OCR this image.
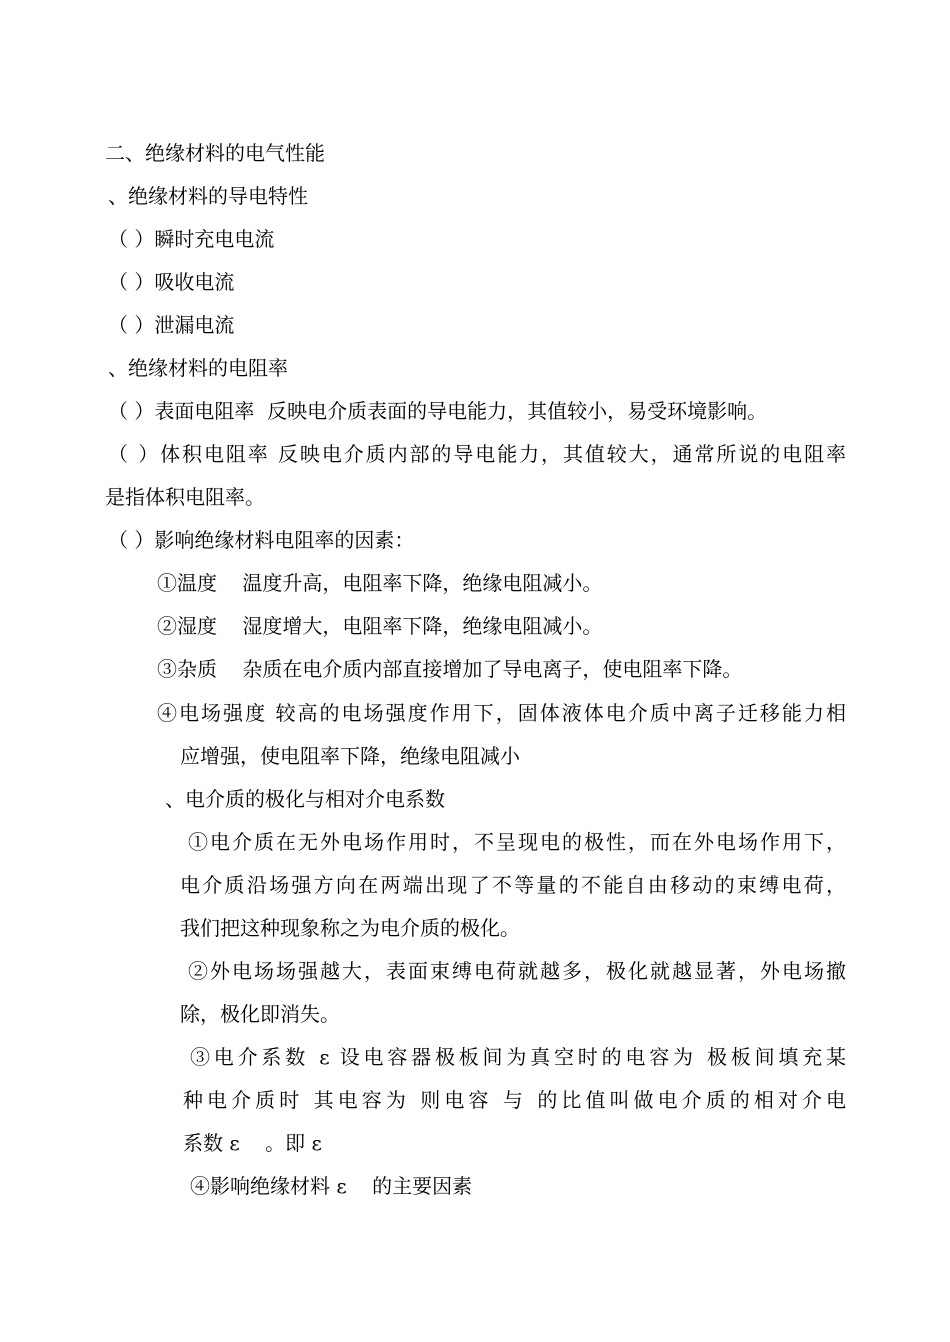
二、绝缘材料的电气性能
、绝缘材料的导电特性
（ ）瞬时充电电流
（ ）吸收电流
（ ）泄漏电流
、绝缘材料的电阻率
（ ）表面电阻率  反映电介质表面的导电能力，其值较小，易受环境影响。
（ ）体积电阻率 反映电介质内部的导电能力，其值较大，通常所说的电阻率
是指体积电阻率。
（ ）影响绝缘材料电阻率的因素：
①温度    温度升高，电阻率下降，绝缘电阻减小。
②湿度    湿度增大，电阻率下降，绝缘电阻减小。
③杂质    杂质在电介质内部直接增加了导电离子，使电阻率下降。
④电场强度 较高的电场强度作用下，固体液体电介质中离子迁移能力相
应增强，使电阻率下降，绝缘电阻减小
、电介质的极化与相对介电系数
①电介质在无外电场作用时，不呈现电的极性，而在外电场作用下，
电介质沿场强方向在两端出现了不等量的不能自由移动的束缚电荷，
我们把这种现象称之为电介质的极化。
②外电场场强越大，表面束缚电荷就越多，极化就越显著，外电场撤
除，极化即消失。
③电介系数 ε 设电容器极板间为真空时的电容为 极板间填充某
种电介质时 其电容为 则电容 与 的比值叫做电介质的相对介电
系数 ε    。即 ε
④影响绝缘材料 ε    的主要因素
